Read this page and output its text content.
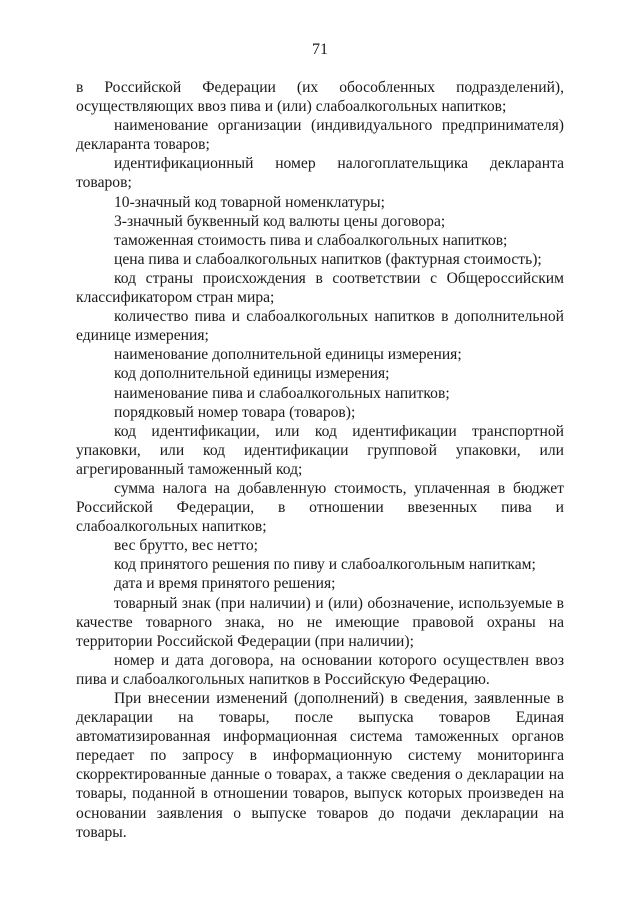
71

в Российской Федерации (их обособленных подразделений), осуществляющих ввоз пива и (или) слабоалкогольных напитков;

наименование организации (индивидуального предпринимателя) декларанта товаров;

идентификационный номер налогоплательщика декларанта товаров;

10-значный код товарной номенклатуры;

3-значный буквенный код валюты цены договора;

таможенная стоимость пива и слабоалкогольных напитков;

цена пива и слабоалкогольных напитков (фактурная стоимость);

код страны происхождения в соответствии с Общероссийским классификатором стран мира;

количество пива и слабоалкогольных напитков в дополнительной единице измерения;

наименование дополнительной единицы измерения;

код дополнительной единицы измерения;

наименование пива и слабоалкогольных напитков;

порядковый номер товара (товаров);

код идентификации, или код идентификации транспортной упаковки, или код идентификации групповой упаковки, или агрегированный таможенный код;

сумма налога на добавленную стоимость, уплаченная в бюджет Российской Федерации, в отношении ввезенных пива и слабоалкогольных напитков;

вес брутто, вес нетто;

код принятого решения по пиву и слабоалкогольным напиткам;

дата и время принятого решения;

товарный знак (при наличии) и (или) обозначение, используемые в качестве товарного знака, но не имеющие правовой охраны на территории Российской Федерации (при наличии);

номер и дата договора, на основании которого осуществлен ввоз пива и слабоалкогольных напитков в Российскую Федерацию.

При внесении изменений (дополнений) в сведения, заявленные в декларации на товары, после выпуска товаров Единая автоматизированная информационная система таможенных органов передает по запросу в информационную систему мониторинга скорректированные данные о товарах, а также сведения о декларации на товары, поданной в отношении товаров, выпуск которых произведен на основании заявления о выпуске товаров до подачи декларации на товары.
